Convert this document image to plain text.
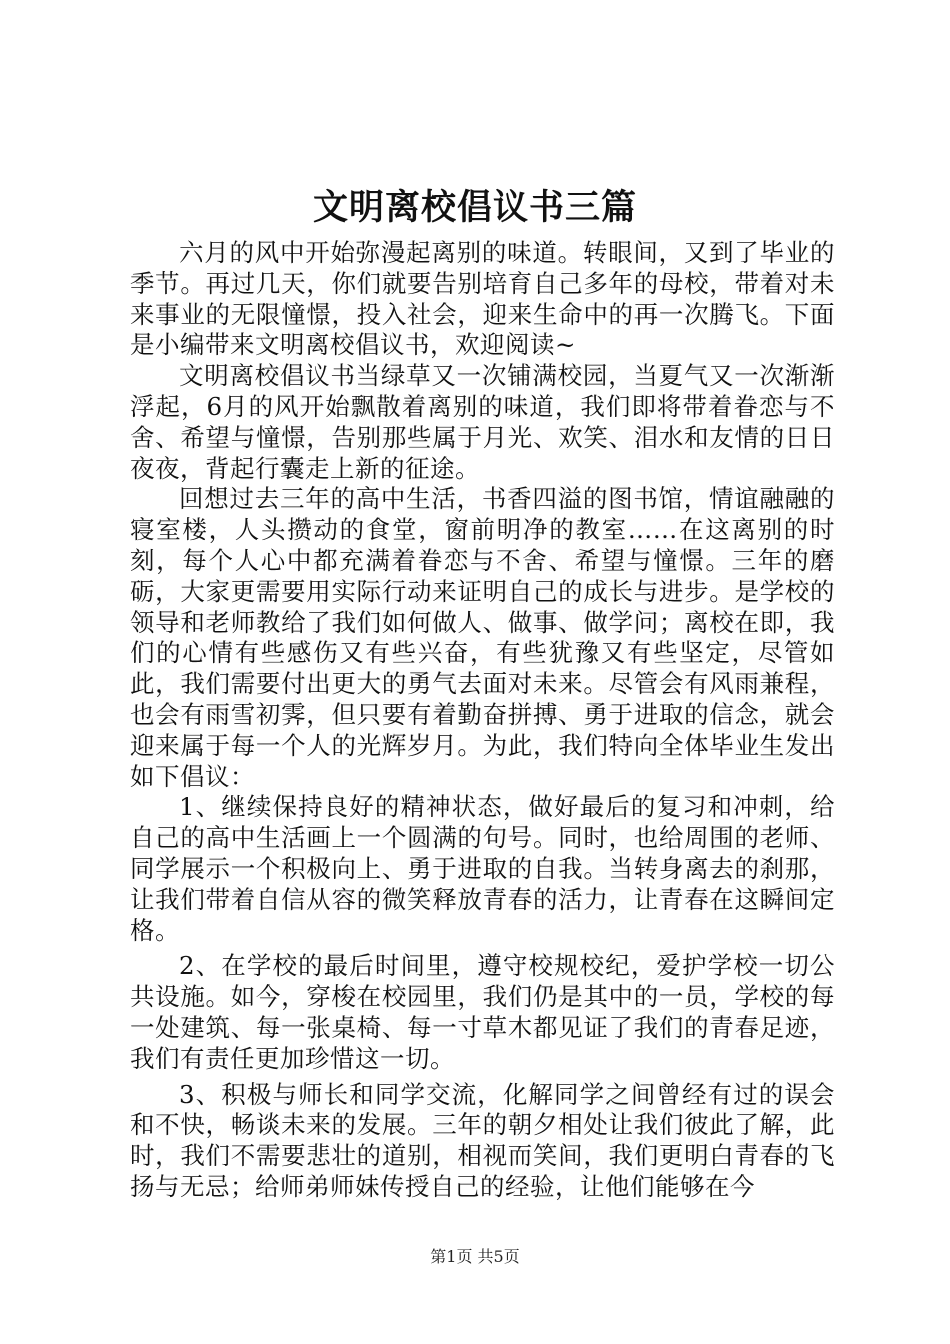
文明离校倡议书三篇

六月的风中开始弥漫起离别的味道。转眼间，又到了毕业的季节。再过几天，你们就要告别培育自己多年的母校，带着对未来事业的无限憧憬，投入社会，迎来生命中的再一次腾飞。下面是小编带来文明离校倡议书，欢迎阅读~

文明离校倡议书当绿草又一次铺满校园，当夏气又一次渐渐浮起，6月的风开始飘散着离别的味道，我们即将带着眷恋与不舍、希望与憧憬，告别那些属于月光、欢笑、泪水和友情的日日夜夜，背起行囊走上新的征途。

回想过去三年的高中生活，书香四溢的图书馆，情谊融融的寝室楼，人头攒动的食堂，窗前明净的教室……在这离别的时刻，每个人心中都充满着眷恋与不舍、希望与憧憬。三年的磨砺，大家更需要用实际行动来证明自己的成长与进步。是学校的领导和老师教给了我们如何做人、做事、做学问；离校在即，我们的心情有些感伤又有些兴奋，有些犹豫又有些坚定，尽管如此，我们需要付出更大的勇气去面对未来。尽管会有风雨兼程，也会有雨雪初霁，但只要有着勤奋拼搏、勇于进取的信念，就会迎来属于每一个人的光辉岁月。为此，我们特向全体毕业生发出如下倡议：

1、继续保持良好的精神状态，做好最后的复习和冲刺，给自己的高中生活画上一个圆满的句号。同时，也给周围的老师、同学展示一个积极向上、勇于进取的自我。当转身离去的刹那，让我们带着自信从容的微笑释放青春的活力，让青春在这瞬间定格。

2、在学校的最后时间里，遵守校规校纪，爱护学校一切公共设施。如今，穿梭在校园里，我们仍是其中的一员，学校的每一处建筑、每一张桌椅、每一寸草木都见证了我们的青春足迹，我们有责任更加珍惜这一切。

3、积极与师长和同学交流，化解同学之间曾经有过的误会和不快，畅谈未来的发展。三年的朝夕相处让我们彼此了解，此时，我们不需要悲壮的道别，相视而笑间，我们更明白青春的飞扬与无忌；给师弟师妹传授自己的经验，让他们能够在今

第1页 共5页
